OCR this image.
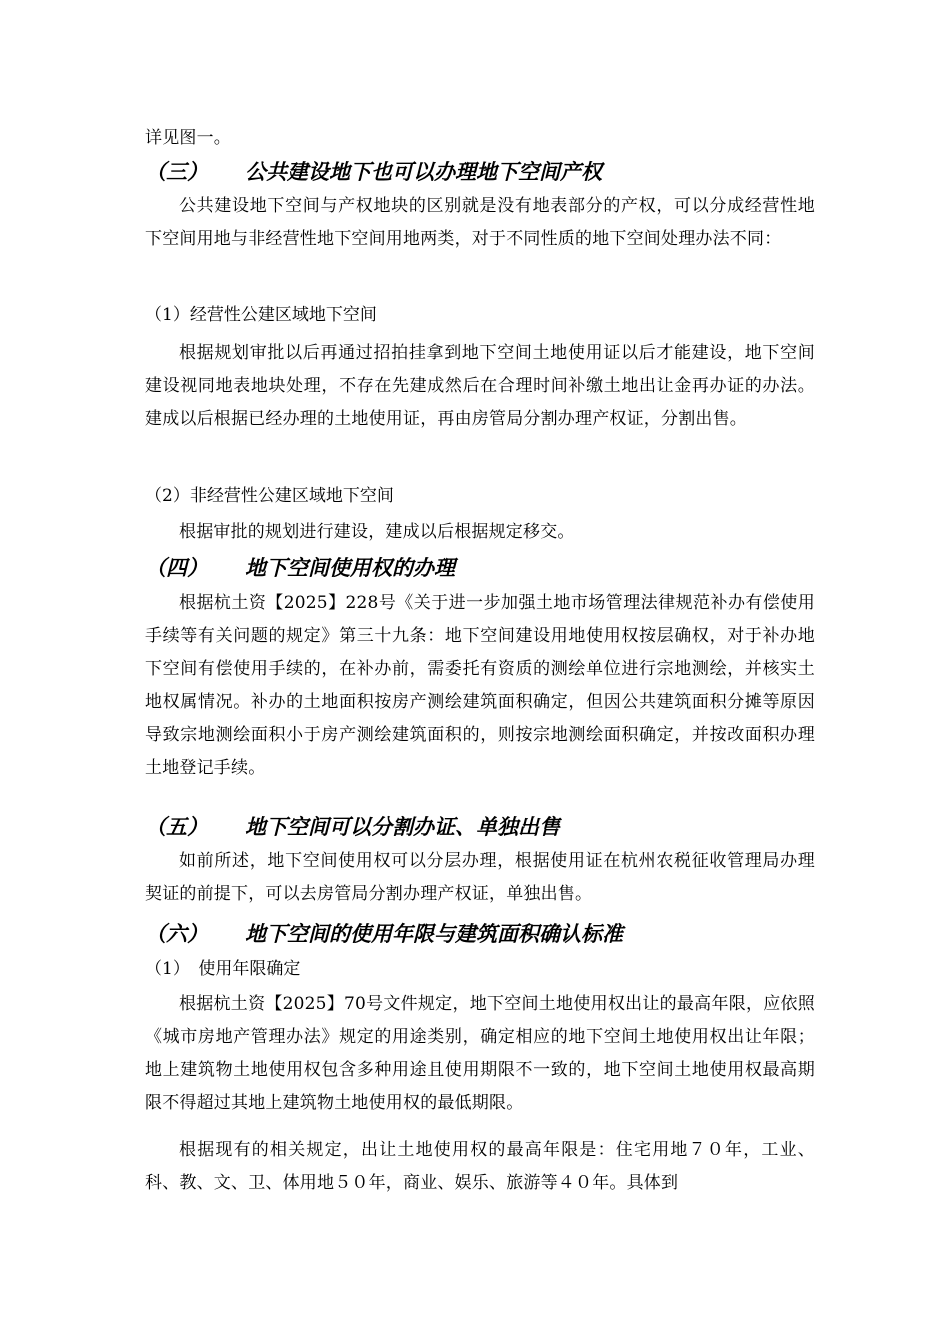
详见图一。

（三） 公共建设地下也可以办理地下空间产权

公共建设地下空间与产权地块的区别就是没有地表部分的产权，可以分成经营性地下空间用地与非经营性地下空间用地两类，对于不同性质的地下空间处理办法不同：

（1）经营性公建区域地下空间

根据规划审批以后再通过招拍挂拿到地下空间土地使用证以后才能建设，地下空间建设视同地表地块处理，不存在先建成然后在合理时间补缴土地出让金再办证的办法。建成以后根据已经办理的土地使用证，再由房管局分割办理产权证，分割出售。

（2）非经营性公建区域地下空间

根据审批的规划进行建设，建成以后根据规定移交。

（四） 地下空间使用权的办理

根据杭土资【2025】228号《关于进一步加强土地市场管理法律规范补办有偿使用手续等有关问题的规定》第三十九条：地下空间建设用地使用权按层确权，对于补办地下空间有偿使用手续的，在补办前，需委托有资质的测绘单位进行宗地测绘，并核实土地权属情况。补办的土地面积按房产测绘建筑面积确定，但因公共建筑面积分摊等原因导致宗地测绘面积小于房产测绘建筑面积的，则按宗地测绘面积确定，并按改面积办理土地登记手续。

（五） 地下空间可以分割办证、单独出售

如前所述，地下空间使用权可以分层办理，根据使用证在杭州农税征收管理局办理契证的前提下，可以去房管局分割办理产权证，单独出售。

（六） 地下空间的使用年限与建筑面积确认标准
（1）　使用年限确定

根据杭土资【2025】70号文件规定，地下空间土地使用权出让的最高年限，应依照《城市房地产管理办法》规定的用途类别，确定相应的地下空间土地使用权出让年限；地上建筑物土地使用权包含多种用途且使用期限不一致的，地下空间土地使用权最高期限不得超过其地上建筑物土地使用权的最低期限。

根据现有的相关规定，出让土地使用权的最高年限是：住宅用地７０年，工业、科、教、文、卫、体用地５０年，商业、娱乐、旅游等４０年。具体到
